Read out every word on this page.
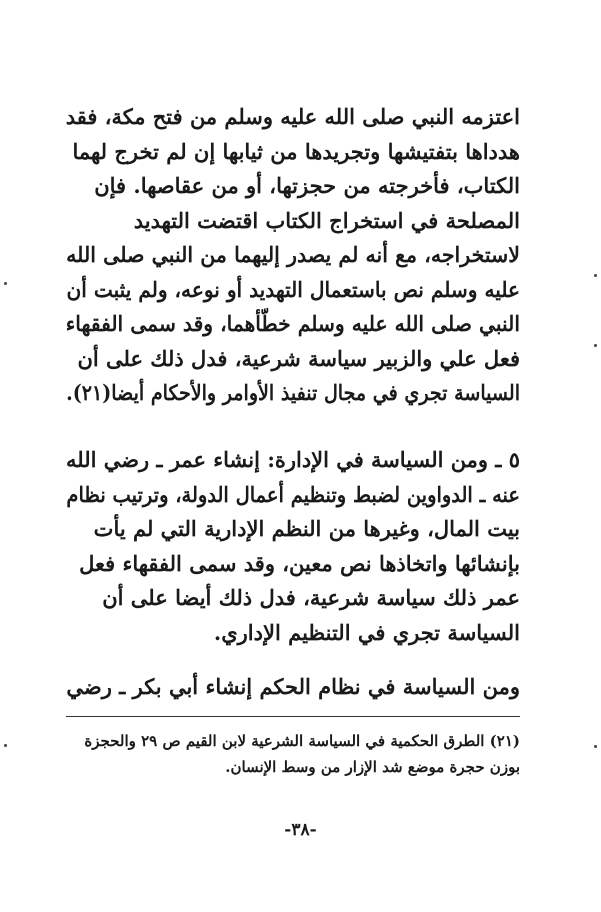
اعتزمه النبي صلى الله عليه وسلم من فتح مكة، فقد
هدداها بتفتيشها وتجريدها من ثيابها إن لم تخرج لهما
الكتاب، فأخرجته من حجزتها، أو من عقاصها. فإن
المصلحة في استخراج الكتاب اقتضت التهديد
لاستخراجه، مع أنه لم يصدر إليهما من النبي صلى الله
عليه وسلم نص باستعمال التهديد أو نوعه، ولم يثبت أن
النبي صلى الله عليه وسلم خطّأهما، وقد سمى الفقهاء
فعل علي والزبير سياسة شرعية، فدل ذلك على أن
السياسة تجري في مجال تنفيذ الأوامر والأحكام أيضا(٢١).

٥ ـ ومن السياسة في الإدارة: إنشاء عمر ـ رضي الله
عنه ـ الدواوين لضبط وتنظيم أعمال الدولة، وترتيب نظام
بيت المال، وغيرها من النظم الإدارية التي لم يأت
بإنشائها واتخاذها نص معين، وقد سمى الفقهاء فعل
عمر ذلك سياسة شرعية، فدل ذلك أيضا على أن
السياسة تجري في التنظيم الإداري.

ومن السياسة في نظام الحكم إنشاء أبي بكر ـ رضي

(٢١) الطرق الحكمية في السياسة الشرعية لابن القيم ص ٢٩ والحجزة
بوزن حجرة موضع شد الإزار من وسط الإنسان.

-٣٨-
